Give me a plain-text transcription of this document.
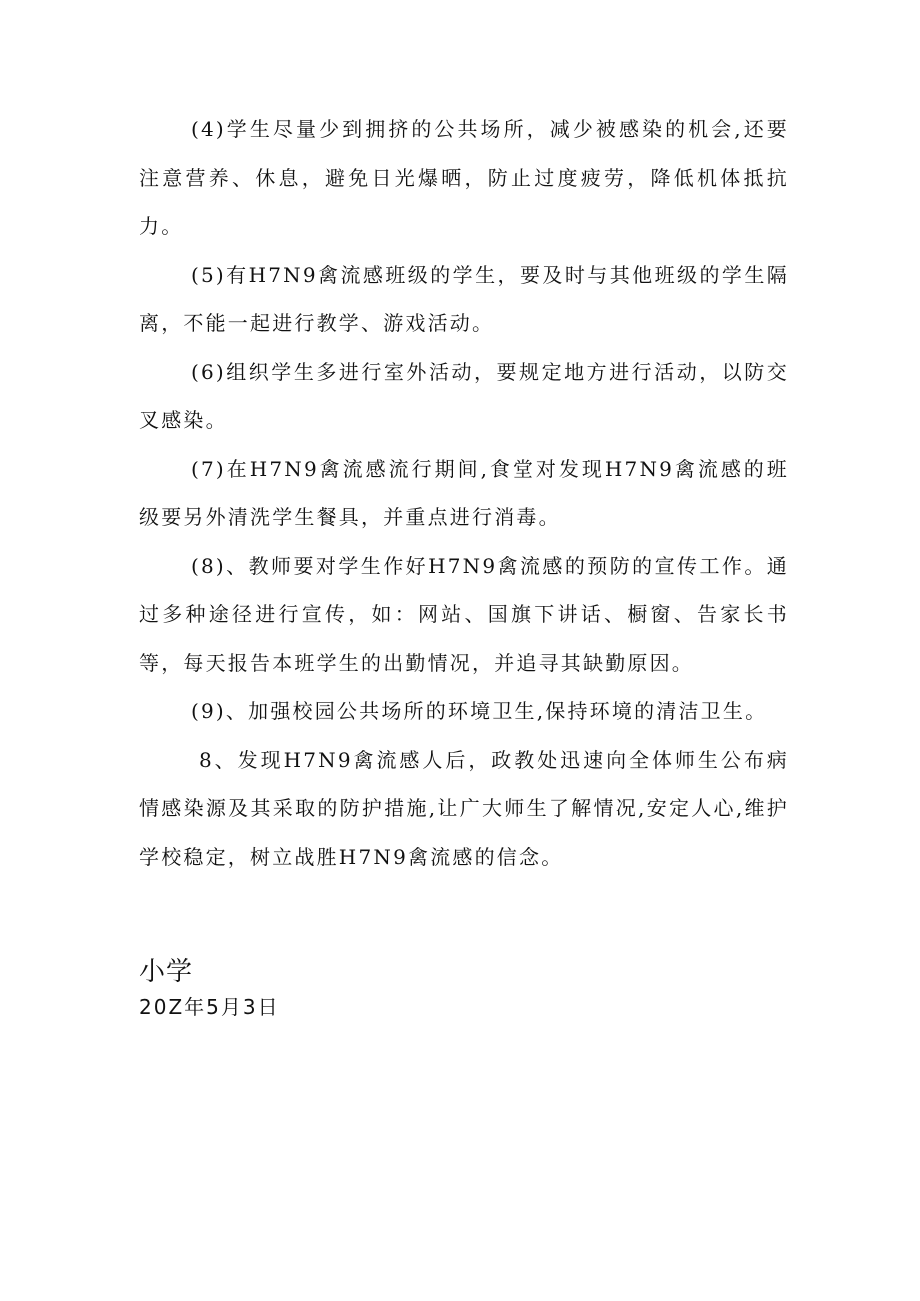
(4)学生尽量少到拥挤的公共场所，减少被感染的机会,还要注意营养、休息，避免日光爆晒，防止过度疲劳，降低机体抵抗力。

(5)有H7N9禽流感班级的学生，要及时与其他班级的学生隔离，不能一起进行教学、游戏活动。

(6)组织学生多进行室外活动，要规定地方进行活动，以防交叉感染。

(7)在H7N9禽流感流行期间,食堂对发现H7N9禽流感的班级要另外清洗学生餐具，并重点进行消毒。

(8)、教师要对学生作好H7N9禽流感的预防的宣传工作。通过多种途径进行宣传，如：网站、国旗下讲话、橱窗、告家长书等，每天报告本班学生的出勤情况，并追寻其缺勤原因。

(9)、加强校园公共场所的环境卫生,保持环境的清洁卫生。

8、发现H7N9禽流感人后，政教处迅速向全体师生公布病情感染源及其采取的防护措施,让广大师生了解情况,安定人心,维护学校稳定，树立战胜H7N9禽流感的信念。

小学

20Z年5月3日
